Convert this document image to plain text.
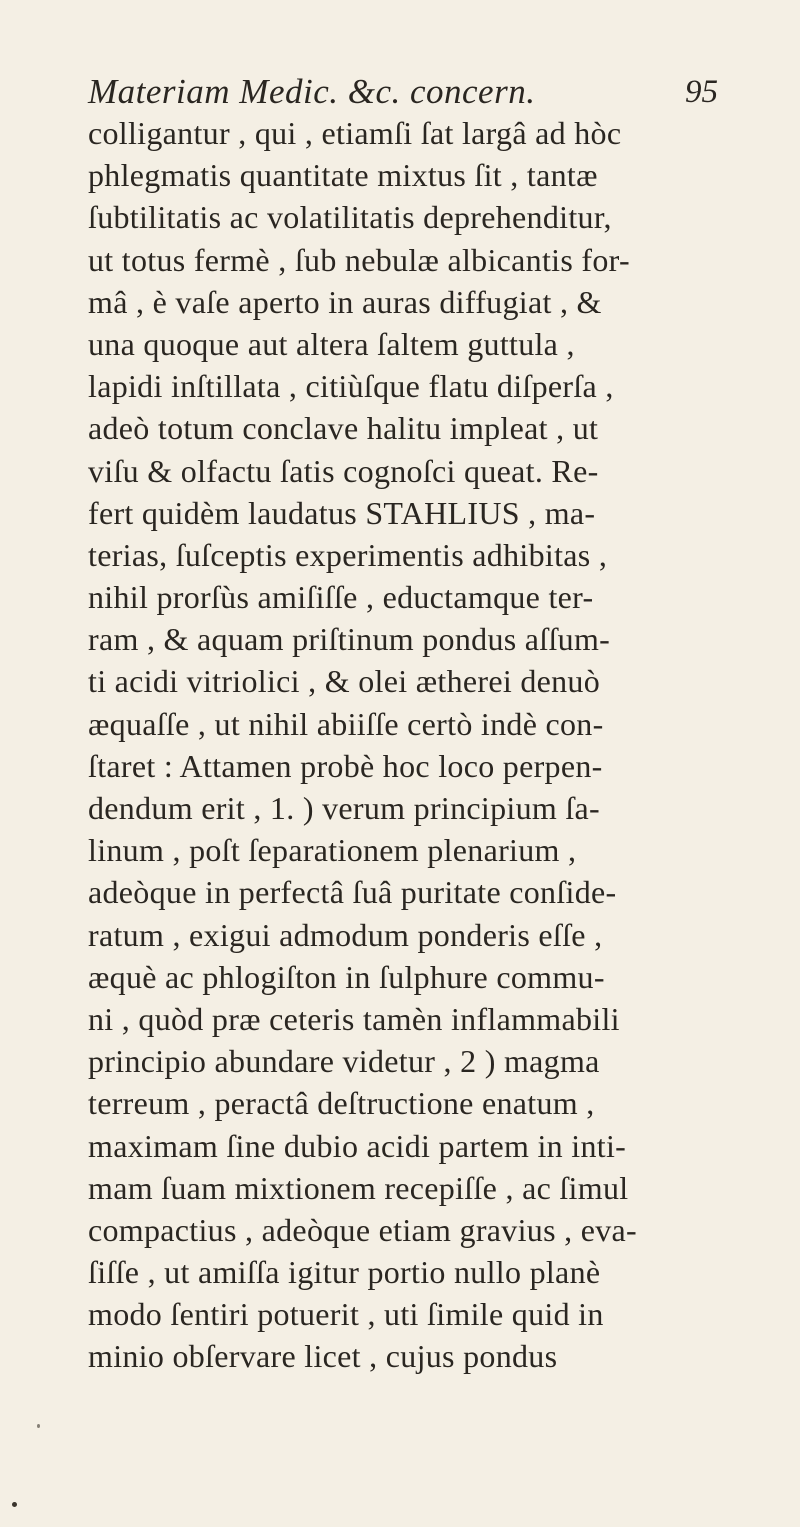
Materiam Medic. &c. concern.	95
colligantur , qui , etiamſi ſat largâ ad hòc
phlegmatis quantitate mixtus ſit , tantæ
ſubtilitatis ac volatilitatis deprehenditur,
ut totus fermè , ſub nebulæ albicantis for-
mâ , è vaſe aperto in auras diffugiat , &
una quoque aut altera ſaltem guttula ,
lapidi inſtillata , citiùſque flatu diſperſa ,
adeò totum conclave halitu impleat , ut
viſu & olfactu ſatis cognoſci queat. Re-
fert quidèm laudatus STAHLIUS , ma-
terias, ſuſceptis experimentis adhibitas ,
nihil prorſùs amiſiſſe , eductamque ter-
ram , & aquam priſtinum pondus aſſum-
ti acidi vitriolici , & olei ætherei denuò
æquaſſe , ut nihil abiiſſe certò indè con-
ſtaret : Attamen probè hoc loco perpen-
dendum erit , 1. ) verum principium ſa-
linum , poſt ſeparationem plenarium ,
adeòque in perfectâ ſuâ puritate conſide-
ratum , exigui admodum ponderis eſſe ,
æquè ac phlogiſton in ſulphure commu-
ni , quòd præ ceteris tamèn inflammabili
principio abundare videtur , 2 ) magma
terreum , peractâ deſtructione enatum ,
maximam ſine dubio acidi partem in inti-
mam ſuam mixtionem recepiſſe , ac ſimul
compactius , adeòque etiam gravius , eva-
ſiſſe , ut amiſſa igitur portio nullo planè
modo ſentiri potuerit , uti ſimile quid in
minio obſervare licet , cujus pondus
